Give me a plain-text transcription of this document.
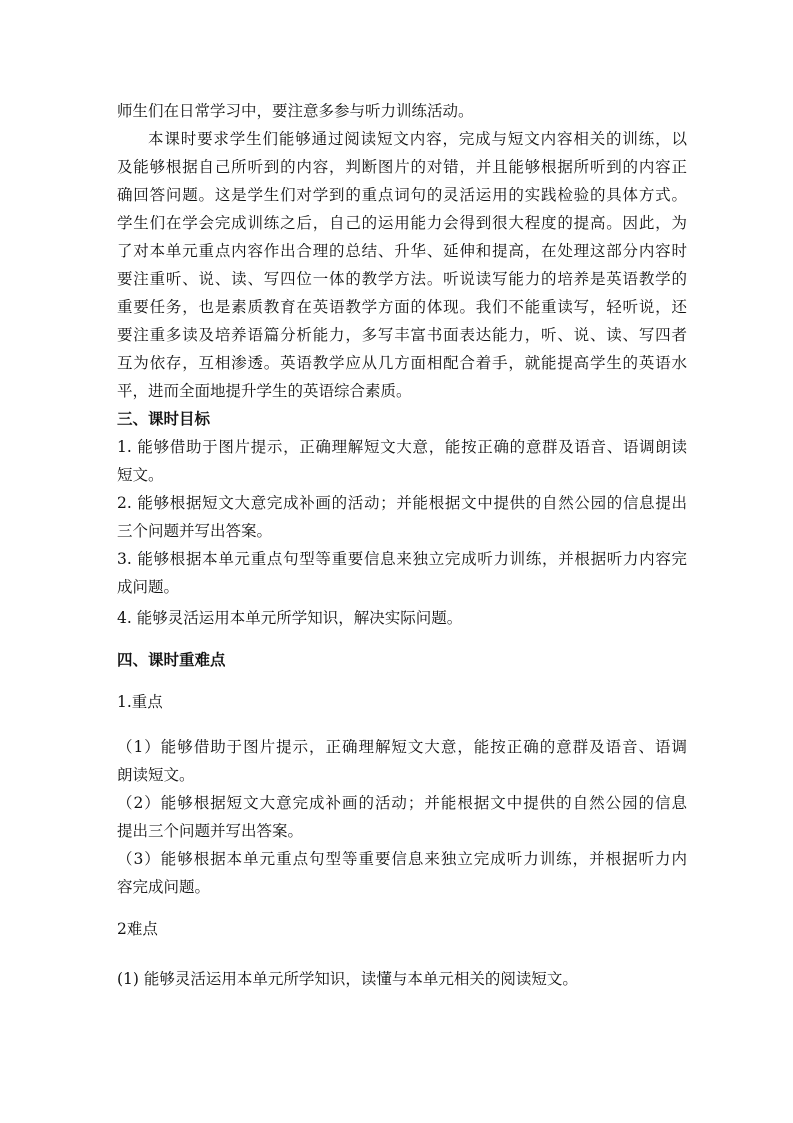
师生们在日常学习中，要注意多参与听力训练活动。
本课时要求学生们能够通过阅读短文内容，完成与短文内容相关的训练，以
及能够根据自己所听到的内容，判断图片的对错，并且能够根据所听到的内容正
确回答问题。这是学生们对学到的重点词句的灵活运用的实践检验的具体方式。
学生们在学会完成训练之后，自己的运用能力会得到很大程度的提高。因此，为
了对本单元重点内容作出合理的总结、升华、延伸和提高，在处理这部分内容时
要注重听、说、读、写四位一体的教学方法。听说读写能力的培养是英语教学的
重要任务，也是素质教育在英语教学方面的体现。我们不能重读写，轻听说，还
要注重多读及培养语篇分析能力，多写丰富书面表达能力，听、说、读、写四者
互为依存，互相渗透。英语教学应从几方面相配合着手，就能提高学生的英语水
平，进而全面地提升学生的英语综合素质。
三、课时目标
1. 能够借助于图片提示，正确理解短文大意，能按正确的意群及语音、语调朗读
短文。
2. 能够根据短文大意完成补画的活动；并能根据文中提供的自然公园的信息提出
三个问题并写出答案。
3. 能够根据本单元重点句型等重要信息来独立完成听力训练，并根据听力内容完
成问题。
4. 能够灵活运用本单元所学知识，解决实际问题。
四、课时重难点
1.重点
（1）能够借助于图片提示，正确理解短文大意，能按正确的意群及语音、语调
朗读短文。
（2）能够根据短文大意完成补画的活动；并能根据文中提供的自然公园的信息
提出三个问题并写出答案。
（3）能够根据本单元重点句型等重要信息来独立完成听力训练，并根据听力内
容完成问题。
2难点
(1) 能够灵活运用本单元所学知识，读懂与本单元相关的阅读短文。
